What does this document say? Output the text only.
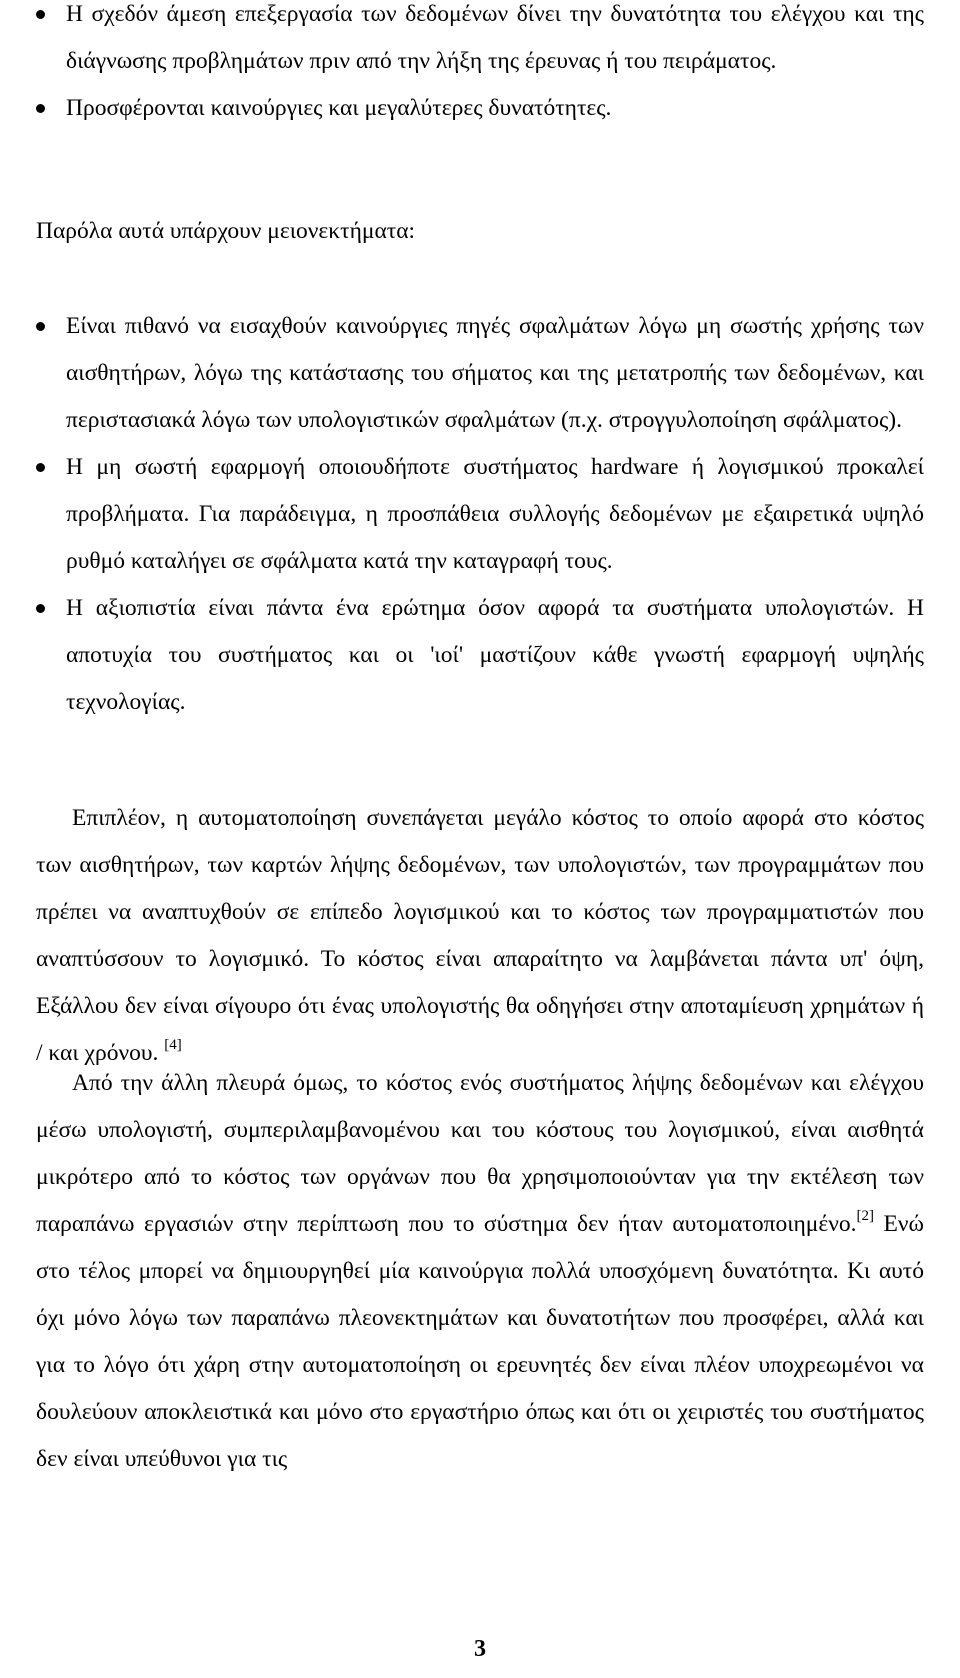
Η σχεδόν άμεση επεξεργασία των δεδομένων δίνει την δυνατότητα του ελέγχου και της διάγνωσης προβλημάτων πριν από την λήξη της έρευνας ή του πειράματος.
Προσφέρονται καινούργιες και μεγαλύτερες δυνατότητες.

Παρόλα αυτά υπάρχουν μειονεκτήματα:

Είναι πιθανό να εισαχθούν καινούργιες πηγές σφαλμάτων λόγω μη σωστής χρήσης των αισθητήρων, λόγω της κατάστασης του σήματος και της μετατροπής των δεδομένων, και περιστασιακά λόγω των υπολογιστικών σφαλμάτων (π.χ. στρογγυλοποίηση σφάλματος).
Η μη σωστή εφαρμογή οποιουδήποτε συστήματος hardware ή λογισμικού προκαλεί προβλήματα. Για παράδειγμα, η προσπάθεια συλλογής δεδομένων με εξαιρετικά υψηλό ρυθμό καταλήγει σε σφάλματα κατά την καταγραφή τους.
Η αξιοπιστία είναι πάντα ένα ερώτημα όσον αφορά τα συστήματα υπολογιστών. Η αποτυχία του συστήματος και οι 'ιοί' μαστίζουν κάθε γνωστή εφαρμογή υψηλής τεχνολογίας.

Επιπλέον, η αυτοματοποίηση συνεπάγεται μεγάλο κόστος το οποίο αφορά στο κόστος των αισθητήρων, των καρτών λήψης δεδομένων, των υπολογιστών, των προγραμμάτων που πρέπει να αναπτυχθούν σε επίπεδο λογισμικού και το κόστος των προγραμματιστών που αναπτύσσουν το λογισμικό. Το κόστος είναι απαραίτητο να λαμβάνεται πάντα υπ' όψη, Εξάλλου δεν είναι σίγουρο ότι ένας υπολογιστής θα οδηγήσει στην αποταμίευση χρημάτων ή / και χρόνου. [4]

Από την άλλη πλευρά όμως, το κόστος ενός συστήματος λήψης δεδομένων και ελέγχου μέσω υπολογιστή, συμπεριλαμβανομένου και του κόστους του λογισμικού, είναι αισθητά μικρότερο από το κόστος των οργάνων που θα χρησιμοποιούνταν για την εκτέλεση των παραπάνω εργασιών στην περίπτωση που το σύστημα δεν ήταν αυτοματοποιημένο.[2] Ενώ στο τέλος μπορεί να δημιουργηθεί μία καινούργια πολλά υποσχόμενη δυνατότητα. Κι αυτό όχι μόνο λόγω των παραπάνω πλεονεκτημάτων και δυνατοτήτων που προσφέρει, αλλά και για το λόγο ότι χάρη στην αυτοματοποίηση οι ερευνητές δεν είναι πλέον υποχρεωμένοι να δουλεύουν αποκλειστικά και μόνο στο εργαστήριο όπως και ότι οι χειριστές του συστήματος δεν είναι υπεύθυνοι για τις

3
